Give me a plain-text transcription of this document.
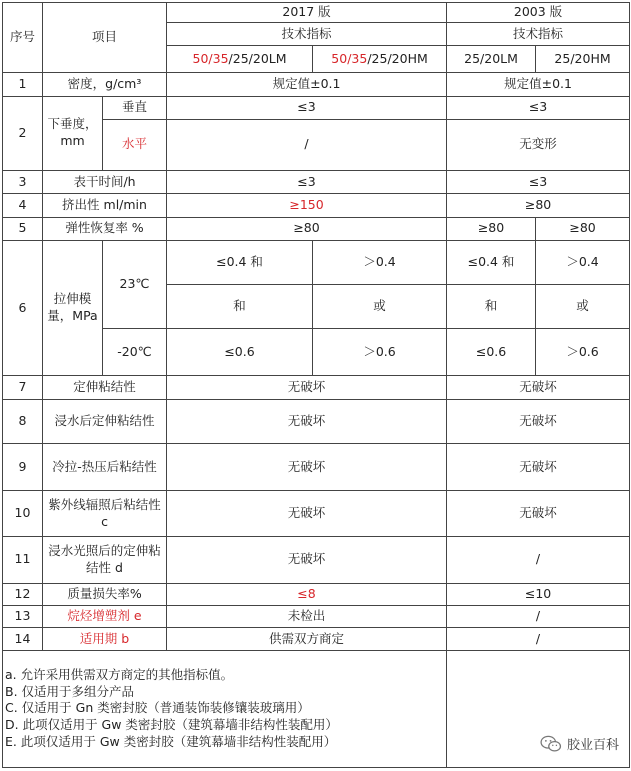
序号	项目		2017 版		2003 版	
			技术指标		技术指标	
			50/35/25/20LM	50/35/25/20HM	25/20LM	25/20HM
1	密度，g/cm³		规定值±0.1		规定值±0.1	
2	下垂度，mm	垂直	≤3		≤3	
		水平	/		无变形	
3	表干时间/h		≤3		≤3	
4	挤出性 ml/min		≥150		≥80	
5	弹性恢复率 %		≥80		≥80	≥80
6	拉伸模量，MPa	23℃	≤0.4 和	＞0.4	≤0.4 和	＞0.4
			和	或	和	或
		-20℃	≤0.6	＞0.6	≤0.6	＞0.6
7	定伸粘结性		无破坏		无破坏	
8	浸水后定伸粘结性		无破坏		无破坏	
9	冷拉-热压后粘结性		无破坏		无破坏	
10	紫外线辐照后粘结性 c		无破坏		无破坏	
11	浸水光照后的定伸粘结性 d		无破坏		/	
12	质量损失率%		≤8		≤10	
13	烷烃增塑剂 e		未检出		/	
14	适用期 b		供需双方商定		/	

a. 允许采用供需双方商定的其他指标值。
B. 仅适用于多组分产品
C. 仅适用于 Gn 类密封胶（普通装饰装修镶装玻璃用）
D. 此项仅适用于 Gw 类密封胶（建筑幕墙非结构性装配用）
E. 此项仅适用于 Gw 类密封胶（建筑幕墙非结构性装配用）						
		胶业百科
